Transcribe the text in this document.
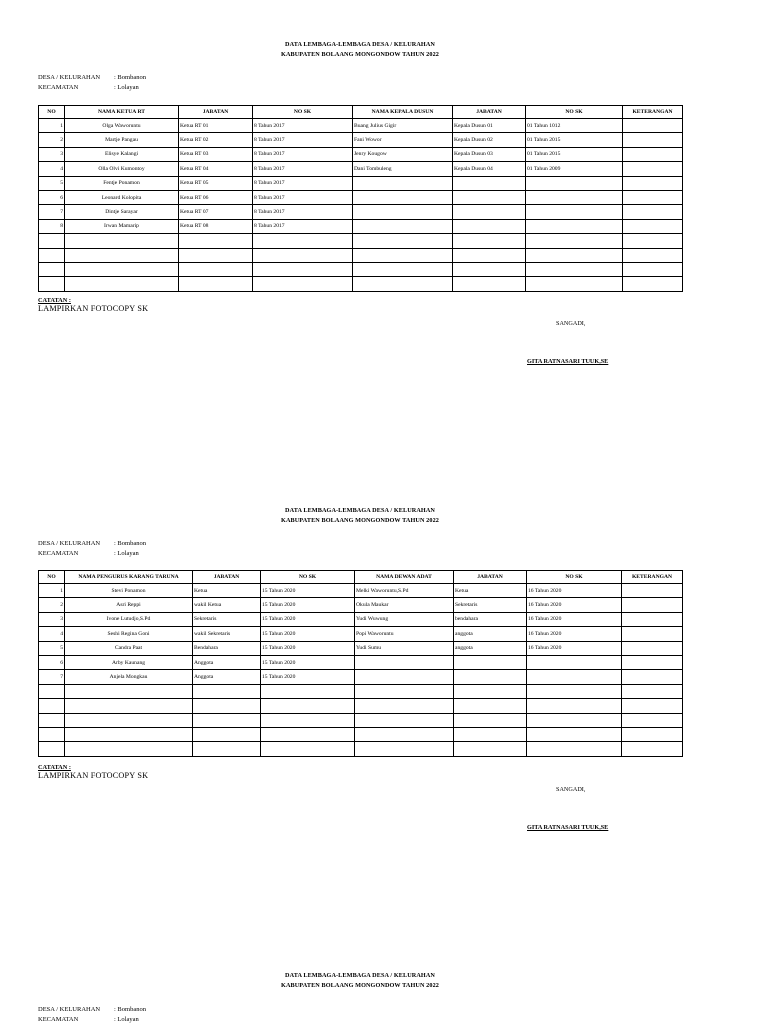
DATA LEMBAGA-LEMBAGA DESA / KELURAHAN
KABUPATEN BOLAANG MONGONDOW TAHUN 2022
DESA / KELURAHAN : Bombanon
KECAMATAN	: Lolayan
NO	NAMA KETUA RT	JABATAN	NO SK	NAMA KEPALA DUSUN	JABATAN	NO SK	KETERANGAN
1	Olga Waworuntu	Ketua RT 01	8 Tahun 2017	Buang Julius Gigir	Kepala Dusun 01	01 Tahun 1012	
2	Martje Pangau	Ketua RT 02	8 Tahun 2017	Fani Wowor	Kepala Dusun 02	01 Tahun 2015	
3	Elisye Kalangi	Ketua RT 03	8 Tahun 2017	Jenry Kougow	Kepala Dusun 03	01 Tahun 2015	
4	Olla Olvi Kumontoy	Ketua RT 04	8 Tahun 2017	Dani Tombuleng	Kepala Dusun 04	01 Tahun 2009	
5	Fentje Ponamon	Ketua RT 05	8 Tahun 2017				
6	Leonard Kolopita	Ketua RT 06	8 Tahun 2017				
7	Dintje Sarayar	Ketua RT 07	8 Tahun 2017				
8	Irwan Mamarip	Ketua RT 08	8 Tahun 2017				

CATATAN :
LAMPIRKAN FOTOCOPY SK
SANGADI,
GITA RATNASARI TUUK,SE
DATA LEMBAGA-LEMBAGA DESA / KELURAHAN
KABUPATEN BOLAANG MONGONDOW TAHUN 2022
DESA / KELURAHAN : Bombanon
KECAMATAN	: Lolayan
NO	NAMA PENGURUS KARANG TARUNA	JABATAN	NO SK	NAMA DEWAN ADAT	JABATAN	NO SK	KETERANGAN
1	Stevi Ponamon	Ketua	15 Tahun 2020	Melki Waworuntu,S.Pd	Ketua	16 Tahun 2020	
2	Asri Reppi	wakil Ketua	15 Tahun 2020	Okula Maukar	Sekretaris	16 Tahun 2020	
3	Ivone Lutudjo,S.Pd	Sekretaris	15 Tahun 2020	Yudi Wuwung	bendahara	16 Tahun 2020	
4	Seshi Regina Goni	wakil Sekretaris	15 Tahun 2020	Popi Waworuntu	anggota	16 Tahun 2020	
5	Candra Paat	Bendahara	15 Tahun 2020	Yudi Sumu	anggota	16 Tahun 2020	
6	Arby Kaunang	Anggota	15 Tahun 2020				
7	Anjela Mongkau	Anggota	15 Tahun 2020				

CATATAN :
LAMPIRKAN FOTOCOPY SK
SANGADI,
GITA RATNASARI TUUK,SE
DATA LEMBAGA-LEMBAGA DESA / KELURAHAN
KABUPATEN BOLAANG MONGONDOW TAHUN 2022
DESA / KELURAHAN : Bombanon
KECAMATAN	: Lolayan
